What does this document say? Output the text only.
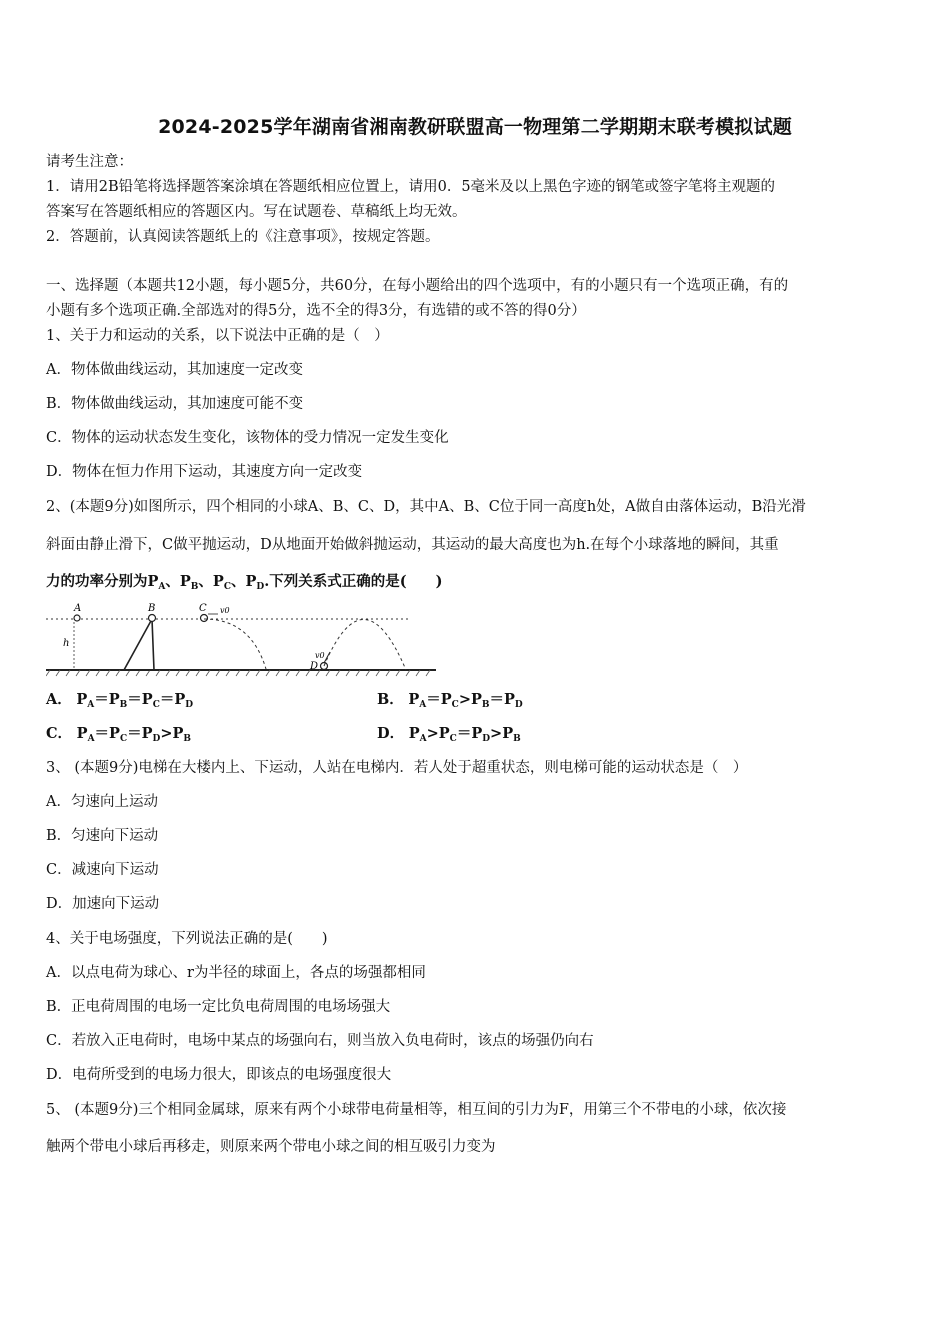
2024-2025学年湖南省湘南教研联盟高一物理第二学期期末联考模拟试题
请考生注意：
1．请用2B铅笔将选择题答案涂填在答题纸相应位置上，请用0．5毫米及以上黑色字迹的钢笔或签字笔将主观题的
答案写在答题纸相应的答题区内。写在试题卷、草稿纸上均无效。
2．答题前，认真阅读答题纸上的《注意事项》，按规定答题。
一、选择题（本题共12小题，每小题5分，共60分，在每小题给出的四个选项中，有的小题只有一个选项正确，有的
小题有多个选项正确.全部选对的得5分，选不全的得3分，有选错的或不答的得0分）
1、关于力和运动的关系，以下说法中正确的是（　）
A．物体做曲线运动，其加速度一定改变
B．物体做曲线运动，其加速度可能不变
C．物体的运动状态发生变化，该物体的受力情况一定发生变化
D．物体在恒力作用下运动，其速度方向一定改变
2、(本题9分)如图所示，四个相同的小球A、B、C、D，其中A、B、C位于同一高度h处，A做自由落体运动，B沿光滑
斜面由静止滑下，C做平抛运动，D从地面开始做斜抛运动，其运动的最大高度也为h.在每个小球落地的瞬间，其重
力的功率分别为$P_A$、$P_B$、$P_C$、$P_D$.下列关系式正确的是(　　)
h
A	B	C v0
D
v0
A． $P_A=P_B=P_C=P_D$	B． $P_A=P_C>P_B=P_D$
C． $P_A=P_C=P_D>P_B$	D． $P_A>P_C=P_D>P_B$
3、 (本题9分)电梯在大楼内上、下运动，人站在电梯内．若人处于超重状态，则电梯可能的运动状态是（　）
A．匀速向上运动
B．匀速向下运动
C．减速向下运动
D．加速向下运动
4、关于电场强度，下列说法正确的是(　　)
A．以点电荷为球心、r为半径的球面上，各点的场强都相同
B．正电荷周围的电场一定比负电荷周围的电场场强大
C．若放入正电荷时，电场中某点的场强向右，则当放入负电荷时，该点的场强仍向右
D．电荷所受到的电场力很大，即该点的电场强度很大
5、 (本题9分)三个相同金属球，原来有两个小球带电荷量相等，相互间的引力为F，用第三个不带电的小球，依次接
触两个带电小球后再移走，则原来两个带电小球之间的相互吸引力变为
